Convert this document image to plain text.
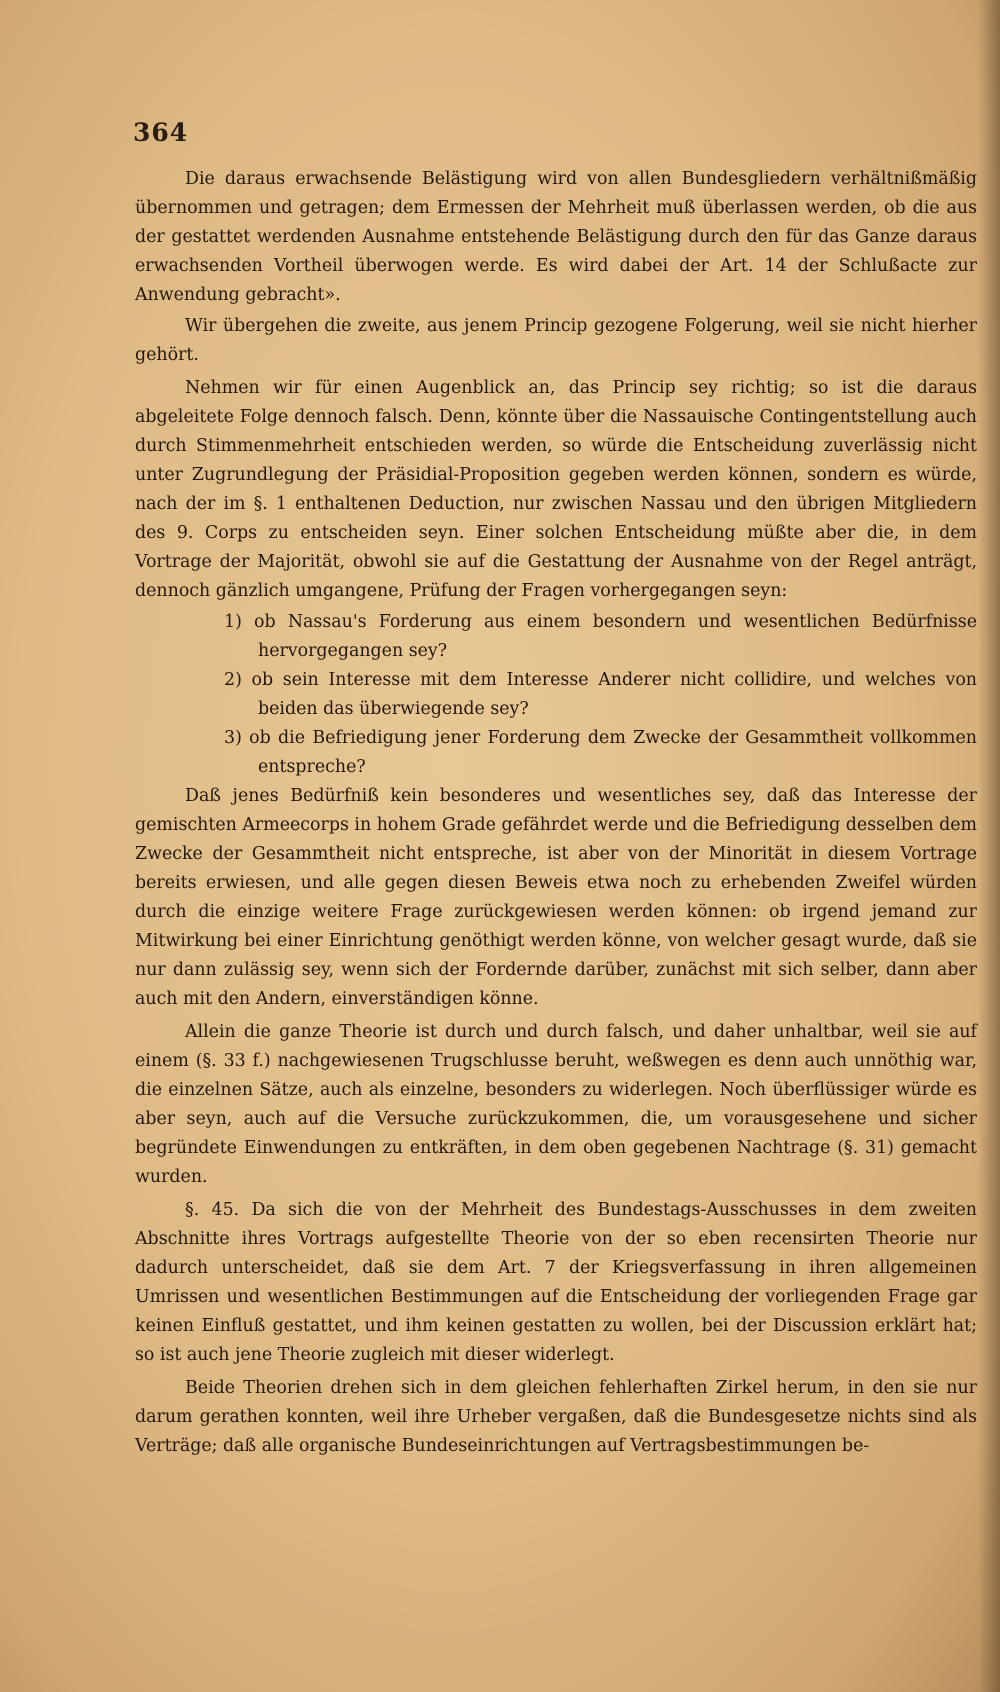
364

Die daraus erwachsende Belästigung wird von allen Bundesgliedern verhältnißmäßig übernommen und getragen; dem Ermessen der Mehrheit muß überlassen werden, ob die aus der gestattet werdenden Ausnahme entstehende Belästigung durch den für das Ganze daraus erwachsenden Vortheil überwogen werde. Es wird dabei der Art. 14 der Schlußacte zur Anwendung gebracht».

Wir übergehen die zweite, aus jenem Princip gezogene Folgerung, weil sie nicht hierher gehört.

Nehmen wir für einen Augenblick an, das Princip sey richtig; so ist die daraus abgeleitete Folge dennoch falsch. Denn, könnte über die Nassauische Contingentstellung auch durch Stimmenmehrheit entschieden werden, so würde die Entscheidung zuverlässig nicht unter Zugrundlegung der Präsidial-Proposition gegeben werden können, sondern es würde, nach der im §. 1 enthaltenen Deduction, nur zwischen Nassau und den übrigen Mitgliedern des 9. Corps zu entscheiden seyn. Einer solchen Entscheidung müßte aber die, in dem Vortrage der Majorität, obwohl sie auf die Gestattung der Ausnahme von der Regel anträgt, dennoch gänzlich umgangene, Prüfung der Fragen vorhergegangen seyn:

1) ob Nassau's Forderung aus einem besondern und wesentlichen Bedürfnisse hervorgegangen sey?
2) ob sein Interesse mit dem Interesse Anderer nicht collidire, und welches von beiden das überwiegende sey?
3) ob die Befriedigung jener Forderung dem Zwecke der Gesammtheit vollkommen entspreche?

Daß jenes Bedürfniß kein besonderes und wesentliches sey, daß das Interesse der gemischten Armeecorps in hohem Grade gefährdet werde und die Befriedigung desselben dem Zwecke der Gesammtheit nicht entspreche, ist aber von der Minorität in diesem Vortrage bereits erwiesen, und alle gegen diesen Beweis etwa noch zu erhebenden Zweifel würden durch die einzige weitere Frage zurückgewiesen werden können: ob irgend jemand zur Mitwirkung bei einer Einrichtung genöthigt werden könne, von welcher gesagt wurde, daß sie nur dann zulässig sey, wenn sich der Fordernde darüber, zunächst mit sich selber, dann aber auch mit den Andern, einverständigen könne.

Allein die ganze Theorie ist durch und durch falsch, und daher unhaltbar, weil sie auf einem (§. 33 f.) nachgewiesenen Trugschlusse beruht, weßwegen es denn auch unnöthig war, die einzelnen Sätze, auch als einzelne, besonders zu widerlegen. Noch überflüssiger würde es aber seyn, auch auf die Versuche zurückzukommen, die, um vorausgesehene und sicher begründete Einwendungen zu entkräften, in dem oben gegebenen Nachtrage (§. 31) gemacht wurden.

§. 45. Da sich die von der Mehrheit des Bundestags-Ausschusses in dem zweiten Abschnitte ihres Vortrags aufgestellte Theorie von der so eben recensirten Theorie nur dadurch unterscheidet, daß sie dem Art. 7 der Kriegsverfassung in ihren allgemeinen Umrissen und wesentlichen Bestimmungen auf die Entscheidung der vorliegenden Frage gar keinen Einfluß gestattet, und ihm keinen gestatten zu wollen, bei der Discussion erklärt hat; so ist auch jene Theorie zugleich mit dieser widerlegt.

Beide Theorien drehen sich in dem gleichen fehlerhaften Zirkel herum, in den sie nur darum gerathen konnten, weil ihre Urheber vergaßen, daß die Bundesgesetze nichts sind als Verträge; daß alle organische Bundeseinrichtungen auf Vertragsbestimmungen be-
